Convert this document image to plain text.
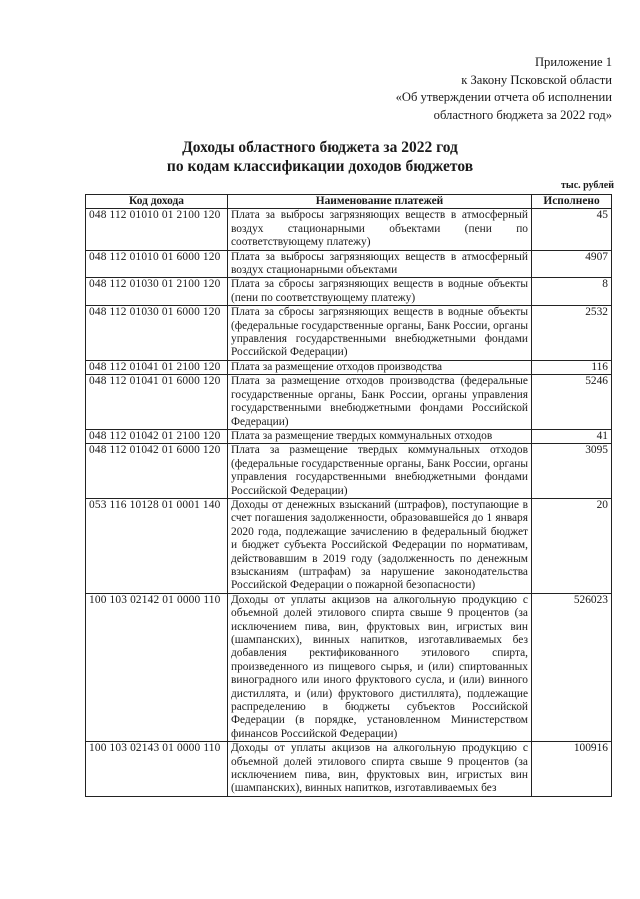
Приложение 1
к Закону Псковской области
«Об утверждении отчета об исполнении
областного бюджета за 2022 год»
Доходы областного бюджета за 2022 год
по кодам классификации доходов бюджетов
тыс. рублей
Код дохода	Наименование платежей	Исполнено
048 112 01010 01 2100 120	Плата за выбросы загрязняющих веществ в атмосферный воздух стационарными объектами (пени по соответствующему платежу)	45
048 112 01010 01 6000 120	Плата за выбросы загрязняющих веществ в атмосферный воздух стационарными объектами	4907
048 112 01030 01 2100 120	Плата за сбросы загрязняющих веществ в водные объекты (пени по соответствующему платежу)	8
048 112 01030 01 6000 120	Плата за сбросы загрязняющих веществ в водные объекты (федеральные государственные органы, Банк России, органы управления государственными внебюджетными фондами Российской Федерации)	2532
048 112 01041 01 2100 120	Плата за размещение отходов производства	116
048 112 01041 01 6000 120	Плата за размещение отходов производства (федеральные государственные органы, Банк России, органы управления государственными внебюджетными фондами Российской Федерации)	5246
048 112 01042 01 2100 120	Плата за размещение твердых коммунальных отходов	41
048 112 01042 01 6000 120	Плата за размещение твердых коммунальных отходов (федеральные государственные органы, Банк России, органы управления государственными внебюджетными фондами Российской Федерации)	3095
053 116 10128 01 0001 140	Доходы от денежных взысканий (штрафов), поступающие в счет погашения задолженности, образовавшейся до 1 января 2020 года, подлежащие зачислению в федеральный бюджет и бюджет субъекта Российской Федерации по нормативам, действовавшим в 2019 году (задолженность по денежным взысканиям (штрафам) за нарушение законодательства Российской Федерации о пожарной безопасности)	20
100 103 02142 01 0000 110	Доходы от уплаты акцизов на алкогольную продукцию с объемной долей этилового спирта свыше 9 процентов (за исключением пива, вин, фруктовых вин, игристых вин (шампанских), винных напитков, изготавливаемых без добавления ректификованного этилового спирта, произведенного из пищевого сырья, и (или) спиртованных виноградного или иного фруктового сусла, и (или) винного дистиллята, и (или) фруктового дистиллята), подлежащие распределению в бюджеты субъектов Российской Федерации (в порядке, установленном Министерством финансов Российской Федерации)	526023
100 103 02143 01 0000 110	Доходы от уплаты акцизов на алкогольную продукцию с объемной долей этилового спирта свыше 9 процентов (за исключением пива, вин, фруктовых вин, игристых вин (шампанских), винных напитков, изготавливаемых без	100916
